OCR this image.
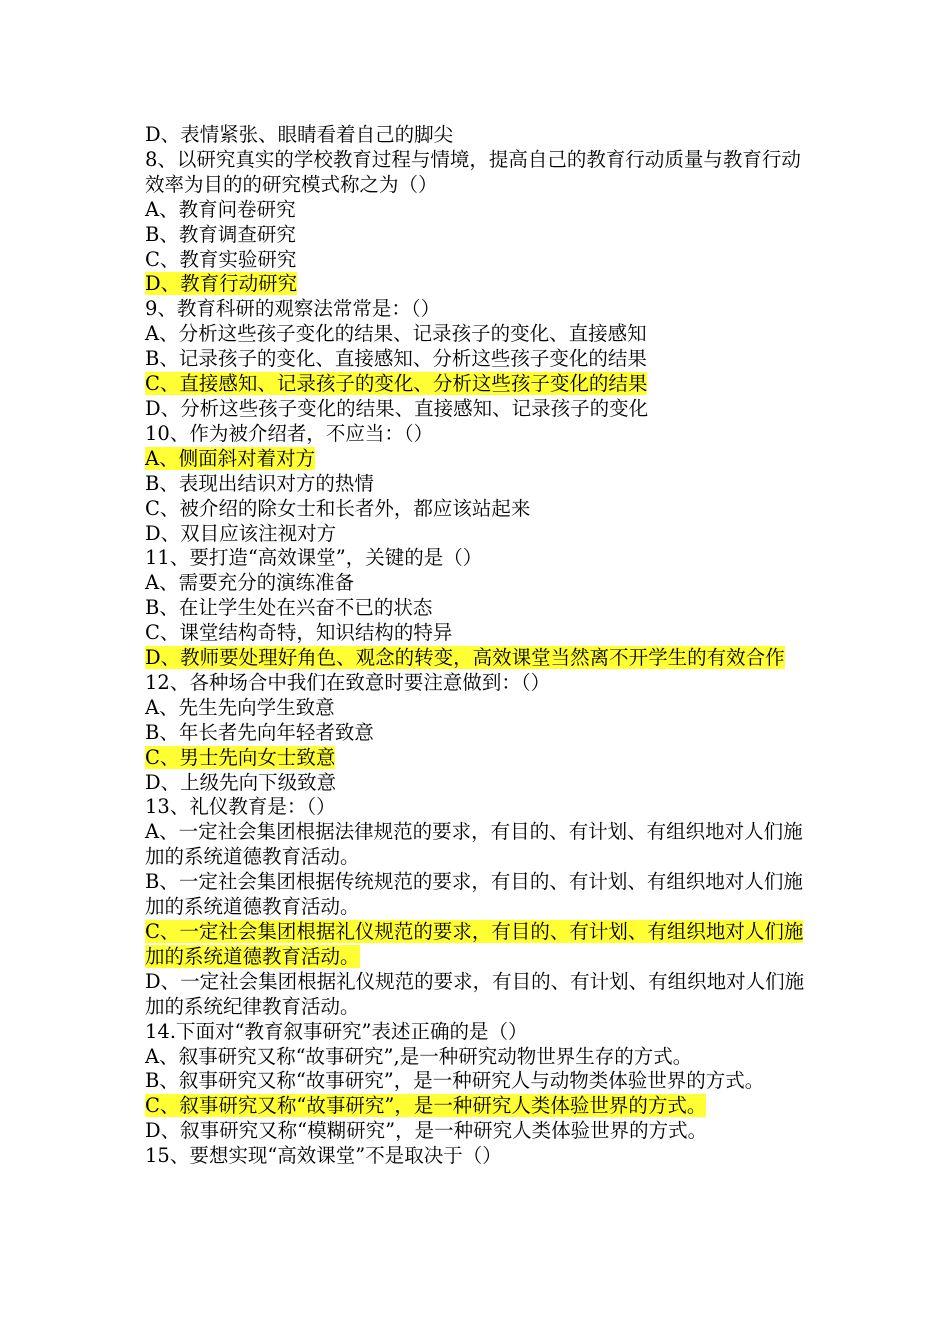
D、表情紧张、眼睛看着自己的脚尖
8、以研究真实的学校教育过程与情境，提高自己的教育行动质量与教育行动效率为目的的研究模式称之为（）
A、教育问卷研究
B、教育调查研究
C、教育实验研究
D、教育行动研究
9、教育科研的观察法常常是：（）
A、分析这些孩子变化的结果、记录孩子的变化、直接感知
B、记录孩子的变化、直接感知、分析这些孩子变化的结果
C、直接感知、记录孩子的变化、分析这些孩子变化的结果
D、分析这些孩子变化的结果、直接感知、记录孩子的变化
10、作为被介绍者，不应当：（）
A、侧面斜对着对方
B、表现出结识对方的热情
C、被介绍的除女士和长者外，都应该站起来
D、双目应该注视对方
11、要打造“高效课堂”，关键的是（）
A、需要充分的演练准备
B、在让学生处在兴奋不已的状态
C、课堂结构奇特，知识结构的特异
D、教师要处理好角色、观念的转变，高效课堂当然离不开学生的有效合作
12、各种场合中我们在致意时要注意做到：（）
A、先生先向学生致意
B、年长者先向年轻者致意
C、男士先向女士致意
D、上级先向下级致意
13、礼仪教育是：（）
A、一定社会集团根据法律规范的要求，有目的、有计划、有组织地对人们施加的系统道德教育活动。
B、一定社会集团根据传统规范的要求，有目的、有计划、有组织地对人们施加的系统道德教育活动。
C、一定社会集团根据礼仪规范的要求，有目的、有计划、有组织地对人们施加的系统道德教育活动。
D、一定社会集团根据礼仪规范的要求，有目的、有计划、有组织地对人们施加的系统纪律教育活动。
14.下面对“教育叙事研究”表述正确的是（）
A、叙事研究又称“故事研究”,是一种研究动物世界生存的方式。
B、叙事研究又称“故事研究”，是一种研究人与动物类体验世界的方式。
C、叙事研究又称“故事研究”，是一种研究人类体验世界的方式。
D、叙事研究又称“模糊研究”，是一种研究人类体验世界的方式。
15、要想实现“高效课堂”不是取决于（）
